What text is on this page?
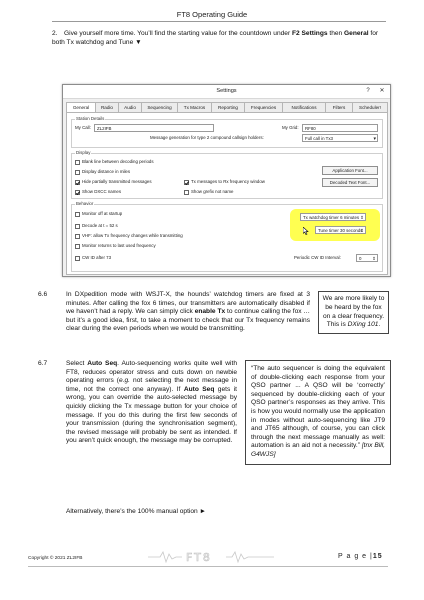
FT8 Operating Guide
2. Give yourself more time. You’ll find the starting value for the countdown under F2 Settings then General for both Tx watchdog and Tune ▼
Settings	?	✕
General	Radio	Audio	Sequencing	Tx Macros	Reporting	Frequencies	Notifications	Filters	Scheduler!
Station Details
My Call:	ZL2IFB	My Grid:	RF80
Message generation for type 2 compound callsign holders:	Full call in Tx3 ▾
Display
Blank line between decoding periods
Display distance in miles
Hide partially transmitted messages
Show DXCC names
Tx messages to Rx frequency window
Show grefix not name
Application Font...
Decoded Text Font...
Behavior
Monitor off at startup
Decode at t = 52 s
VHF: allow Tx frequency changes while transmitting
Monitor returns to last used frequency
CW ID after 73
Tx watchdog timer 6 minutes ⇕
Tune timer 30 seconds ⇕
Periodic CW ID Interval:	0 ⇕
6.6	In DXpedition mode with WSJT-X, the hounds’ watchdog timers are fixed at 3 minutes. After calling the fox 6 times, our transmitters are automatically disabled if we haven’t had a reply. We can simply click enable Tx to continue calling the fox … but it’s a good idea, first, to take a moment to check that our Tx frequency remains clear during the even periods when we would be transmitting.
We are more likely to be heard by the fox on a clear frequency. This is DXing 101.
6.7	Select Auto Seq. Auto-sequencing works quite well with FT8, reduces operator stress and cuts down on newbie operating errors (e.g. not selecting the next message in time, not the correct one anyway). If Auto Seq gets it wrong, you can override the auto-selected message by quickly clicking the Tx message button for your choice of message. If you do this during the first few seconds of your transmission (during the synchronisation segment), the revised message will probably be sent as intended. If you aren’t quick enough, the message may be corrupted.
Alternatively, there’s the 100% manual option ►
“The auto sequencer is doing the equivalent of double-clicking each response from your QSO partner ... A QSO will be ‘correctly’ sequenced by double-clicking each of your QSO partner’s responses as they arrive. This is how you would normally use the application in modes without auto-sequencing like JT9 and JT65 although, of course, you can click through the next message manually as well: automation is an aid not a necessity.” [tnx Bill, G4WJS]
Copyright © 2021 ZL2IFB	FT8	P a g e |15
